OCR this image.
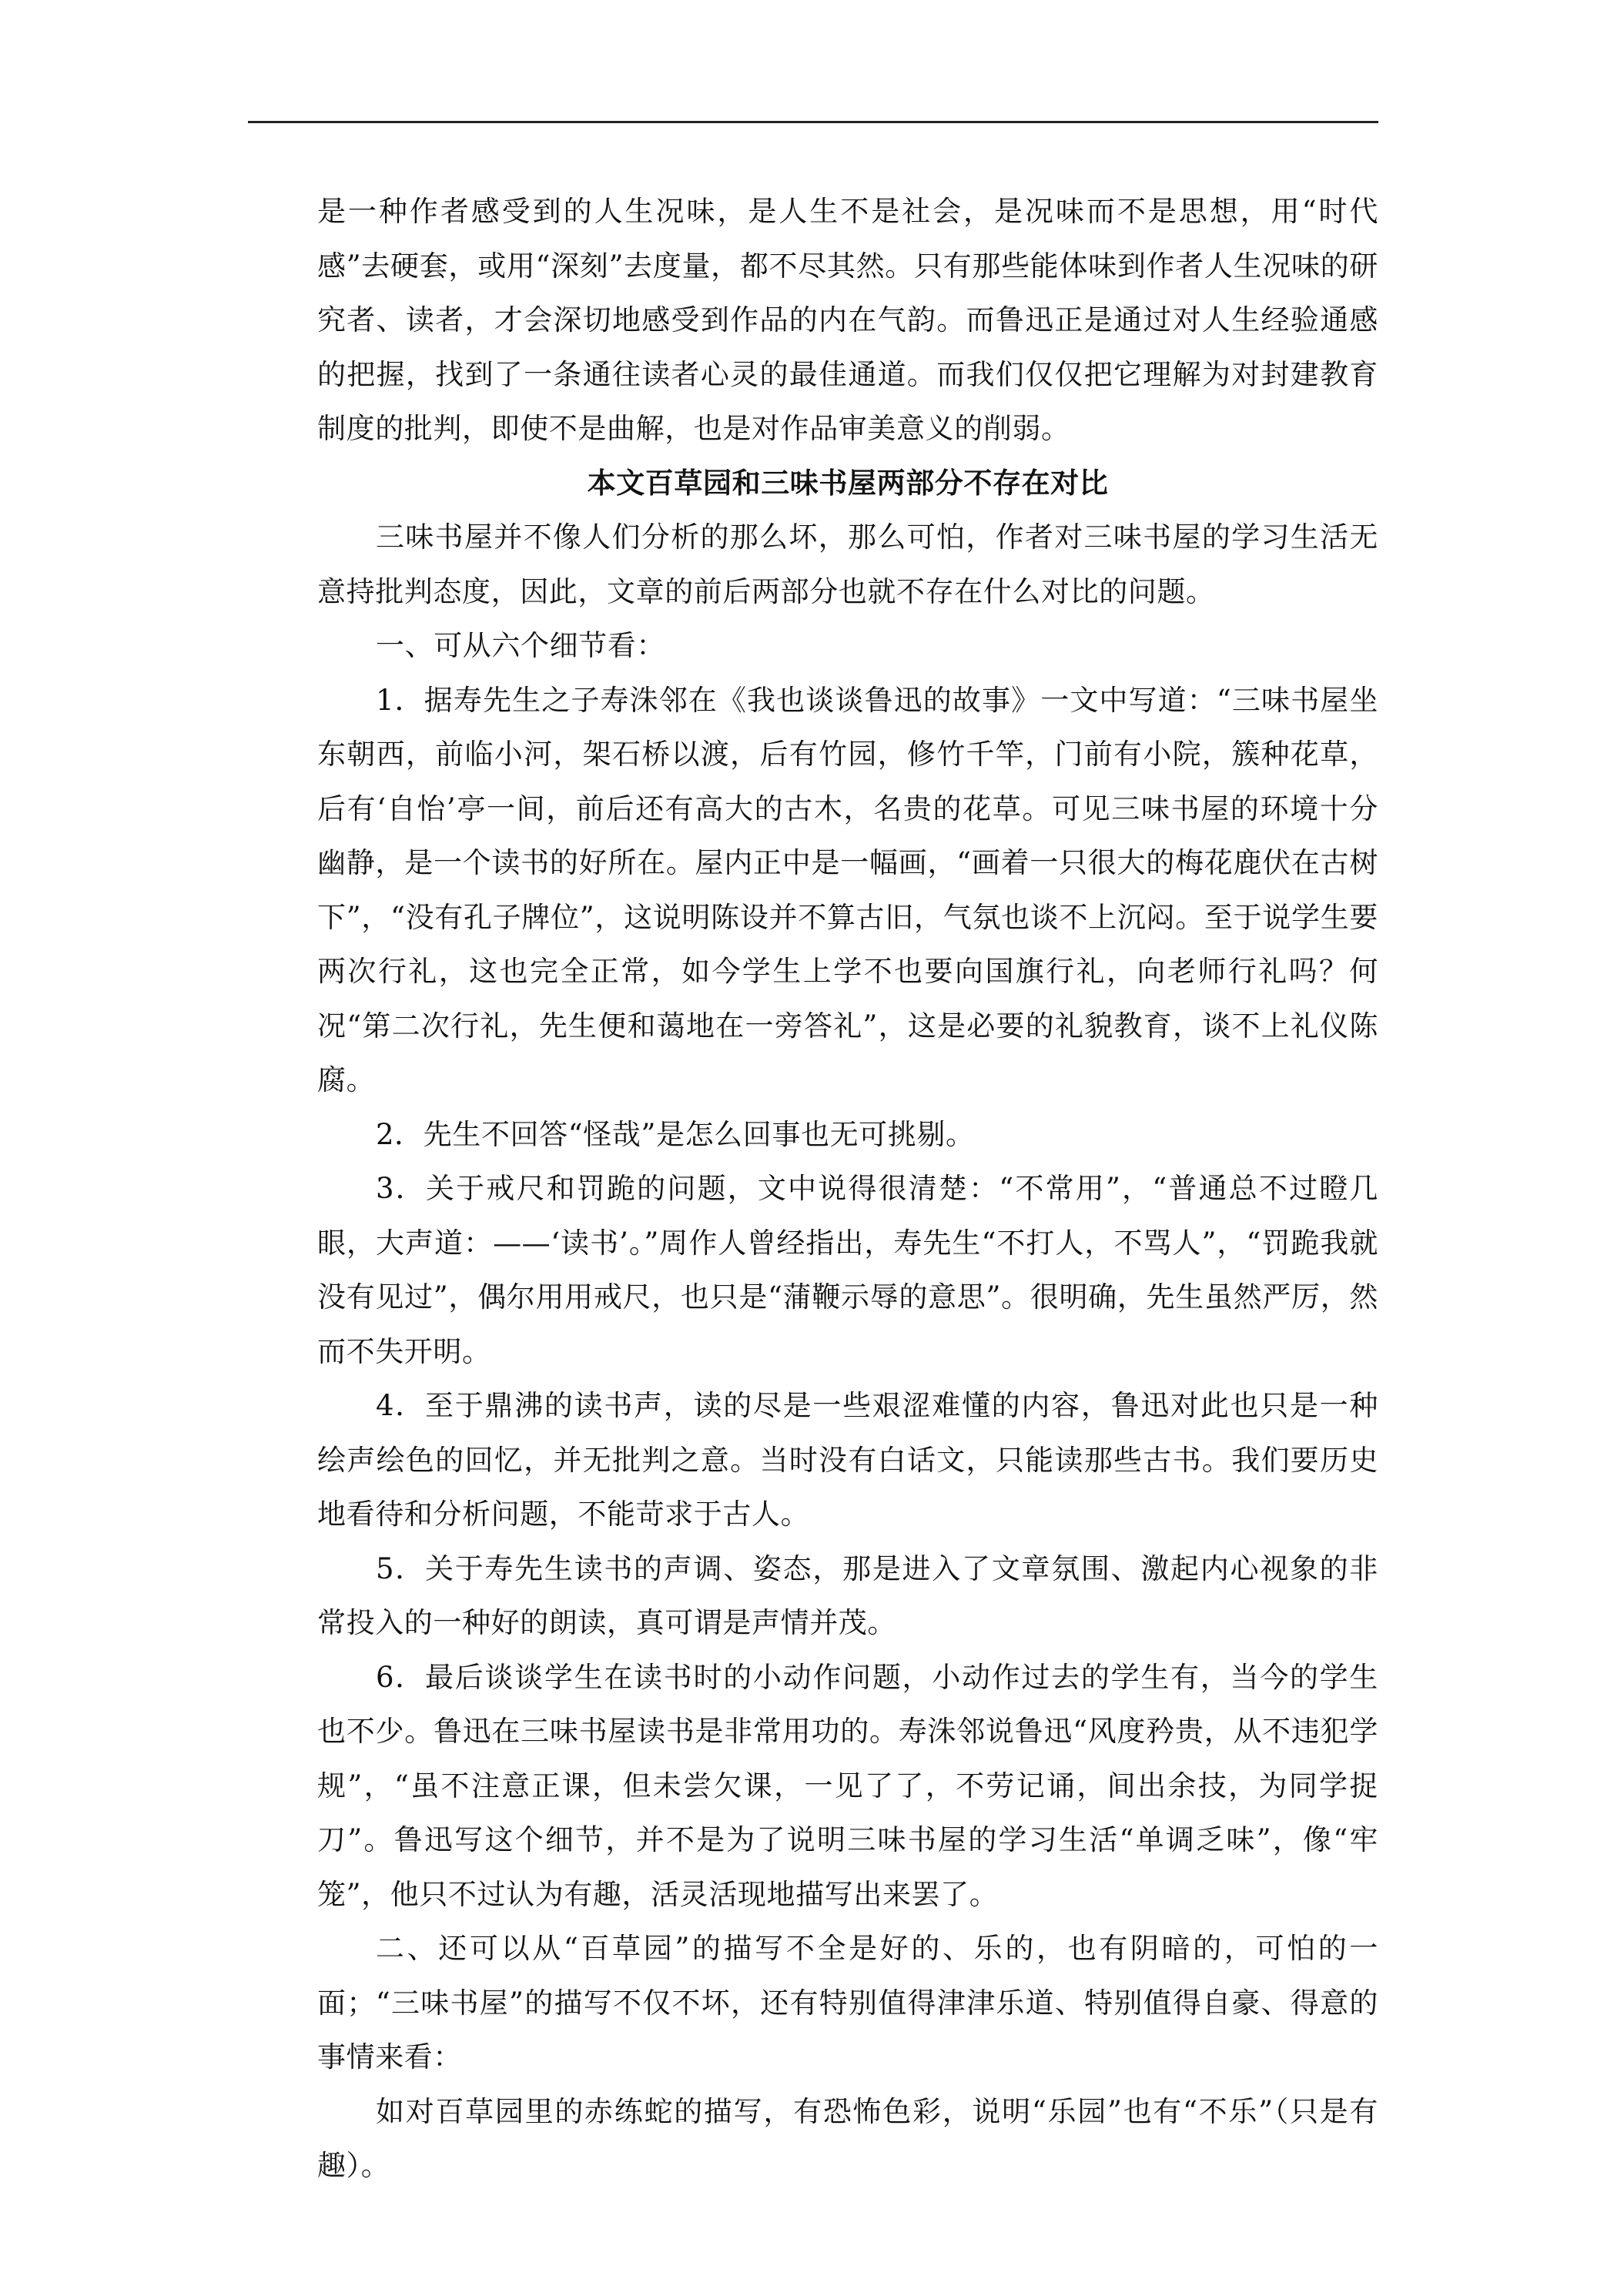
是一种作者感受到的人生况味，是人生不是社会，是况味而不是思想，用“时代感”去硬套，或用“深刻”去度量，都不尽其然。只有那些能体味到作者人生况味的研究者、读者，才会深切地感受到作品的内在气韵。而鲁迅正是通过对人生经验通感的把握，找到了一条通往读者心灵的最佳通道。而我们仅仅把它理解为对封建教育制度的批判，即使不是曲解，也是对作品审美意义的削弱。

本文百草园和三味书屋两部分不存在对比

三味书屋并不像人们分析的那么坏，那么可怕，作者对三味书屋的学习生活无意持批判态度，因此，文章的前后两部分也就不存在什么对比的问题。

一、可从六个细节看：

1．据寿先生之子寿洙邻在《我也谈谈鲁迅的故事》一文中写道：“三味书屋坐东朝西，前临小河，架石桥以渡，后有竹园，修竹千竿，门前有小院，簇种花草，后有‘自怡’亭一间，前后还有高大的古木，名贵的花草。可见三味书屋的环境十分幽静，是一个读书的好所在。屋内正中是一幅画，“画着一只很大的梅花鹿伏在古树下”，“没有孔子牌位”，这说明陈设并不算古旧，气氛也谈不上沉闷。至于说学生要两次行礼，这也完全正常，如今学生上学不也要向国旗行礼，向老师行礼吗？何况“第二次行礼，先生便和蔼地在一旁答礼”，这是必要的礼貌教育，谈不上礼仪陈腐。

2．先生不回答“怪哉”是怎么回事也无可挑剔。

3．关于戒尺和罚跪的问题，文中说得很清楚：“不常用”，“普通总不过瞪几眼，大声道：——‘读书’。”周作人曾经指出，寿先生“不打人，不骂人”，“罚跪我就没有见过”，偶尔用用戒尺，也只是“蒲鞭示辱的意思”。很明确，先生虽然严厉，然而不失开明。

4．至于鼎沸的读书声，读的尽是一些艰涩难懂的内容，鲁迅对此也只是一种绘声绘色的回忆，并无批判之意。当时没有白话文，只能读那些古书。我们要历史地看待和分析问题，不能苛求于古人。

5．关于寿先生读书的声调、姿态，那是进入了文章氛围、激起内心视象的非常投入的一种好的朗读，真可谓是声情并茂。

6．最后谈谈学生在读书时的小动作问题，小动作过去的学生有，当今的学生也不少。鲁迅在三味书屋读书是非常用功的。寿洙邻说鲁迅“风度矜贵，从不违犯学规”，“虽不注意正课，但未尝欠课，一见了了，不劳记诵，间出余技，为同学捉刀”。鲁迅写这个细节，并不是为了说明三味书屋的学习生活“单调乏味”，像“牢笼”，他只不过认为有趣，活灵活现地描写出来罢了。

二、还可以从“百草园”的描写不全是好的、乐的，也有阴暗的，可怕的一面；“三味书屋”的描写不仅不坏，还有特别值得津津乐道、特别值得自豪、得意的事情来看：

如对百草园里的赤练蛇的描写，有恐怖色彩，说明“乐园”也有“不乐”（只是有趣）。
